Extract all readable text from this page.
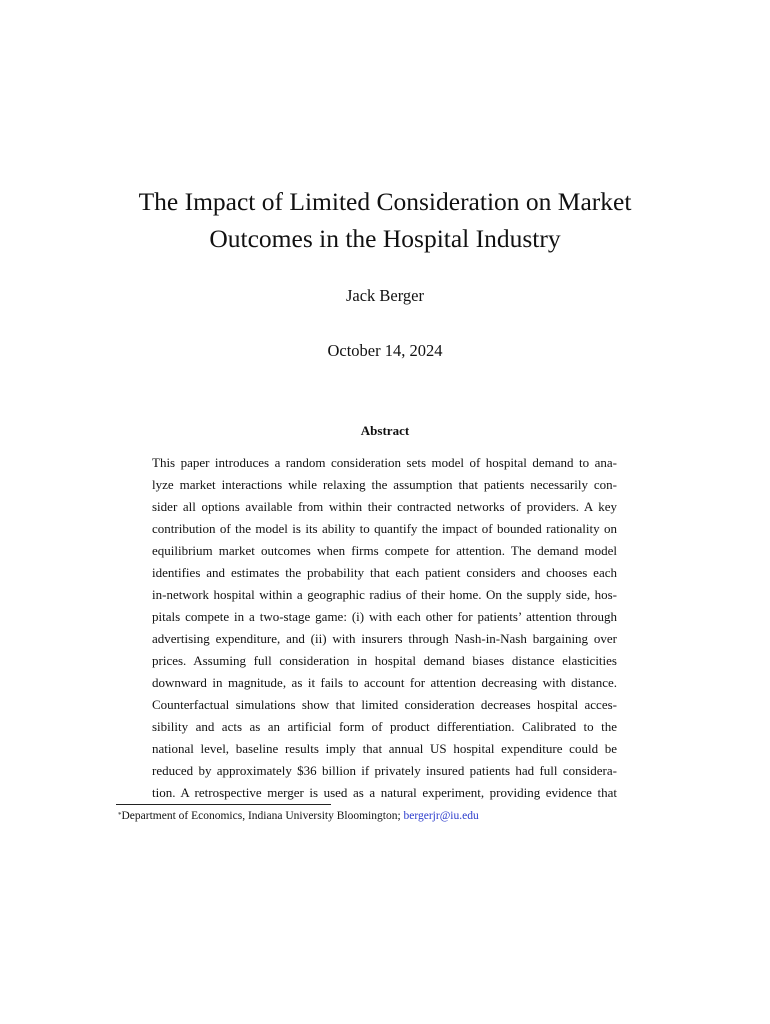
The Impact of Limited Consideration on Market
Outcomes in the Hospital Industry
Jack Berger
October 14, 2024
Abstract
This paper introduces a random consideration sets model of hospital demand to ana-
lyze market interactions while relaxing the assumption that patients necessarily con-
sider all options available from within their contracted networks of providers. A key
contribution of the model is its ability to quantify the impact of bounded rationality on
equilibrium market outcomes when firms compete for attention. The demand model
identifies and estimates the probability that each patient considers and chooses each
in-network hospital within a geographic radius of their home. On the supply side, hos-
pitals compete in a two-stage game: (i) with each other for patients’ attention through
advertising expenditure, and (ii) with insurers through Nash-in-Nash bargaining over
prices. Assuming full consideration in hospital demand biases distance elasticities
downward in magnitude, as it fails to account for attention decreasing with distance.
Counterfactual simulations show that limited consideration decreases hospital acces-
sibility and acts as an artificial form of product differentiation. Calibrated to the
national level, baseline results imply that annual US hospital expenditure could be
reduced by approximately $36 billion if privately insured patients had full considera-
tion. A retrospective merger is used as a natural experiment, providing evidence that
*Department of Economics, Indiana University Bloomington; bergerjr@iu.edu
